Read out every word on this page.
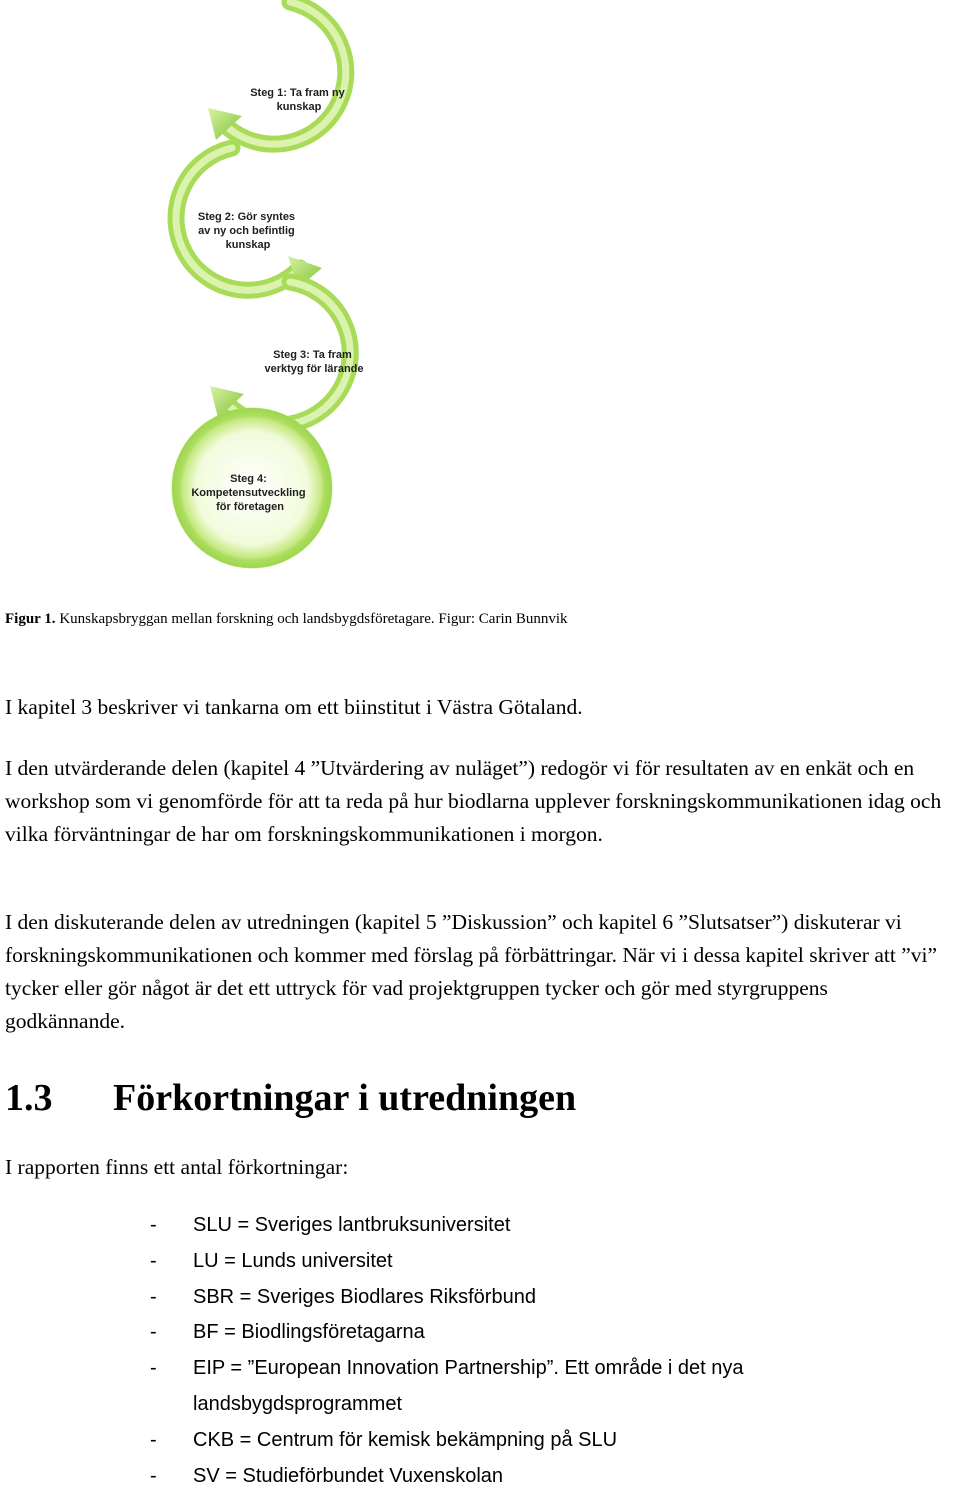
Steg 1: Ta fram ny kunskap
Steg 2: Gör syntes av ny och befintlig kunskap
Steg 3: Ta fram verktyg för lärande
Steg 4: Kompetensutveckling för företagen
Figur 1. Kunskapsbryggan mellan forskning och landsbygdsföretagare. Figur: Carin Bunnvik

I kapitel 3 beskriver vi tankarna om ett biinstitut i Västra Götaland.

I den utvärderande delen (kapitel 4 ”Utvärdering av nuläget”) redogör vi för resultaten av en enkät och en workshop som vi genomförde för att ta reda på hur biodlarna upplever forskningskommunikationen idag och vilka förväntningar de har om forskningskommunikationen i morgon.

I den diskuterande delen av utredningen (kapitel 5 ”Diskussion” och kapitel 6 ”Slutsatser”) diskuterar vi forskningskommunikationen och kommer med förslag på förbättringar. När vi i dessa kapitel skriver att ”vi” tycker eller gör något är det ett uttryck för vad projektgruppen tycker och gör med styrgruppens godkännande.

1.3 Förkortningar i utredningen

I rapporten finns ett antal förkortningar:

- SLU = Sveriges lantbruksuniversitet
- LU = Lunds universitet
- SBR = Sveriges Biodlares Riksförbund
- BF = Biodlingsföretagarna
- EIP = ”European Innovation Partnership”. Ett område i det nya landsbygdsprogrammet
- CKB = Centrum för kemisk bekämpning på SLU
- SV = Studieförbundet Vuxenskolan
